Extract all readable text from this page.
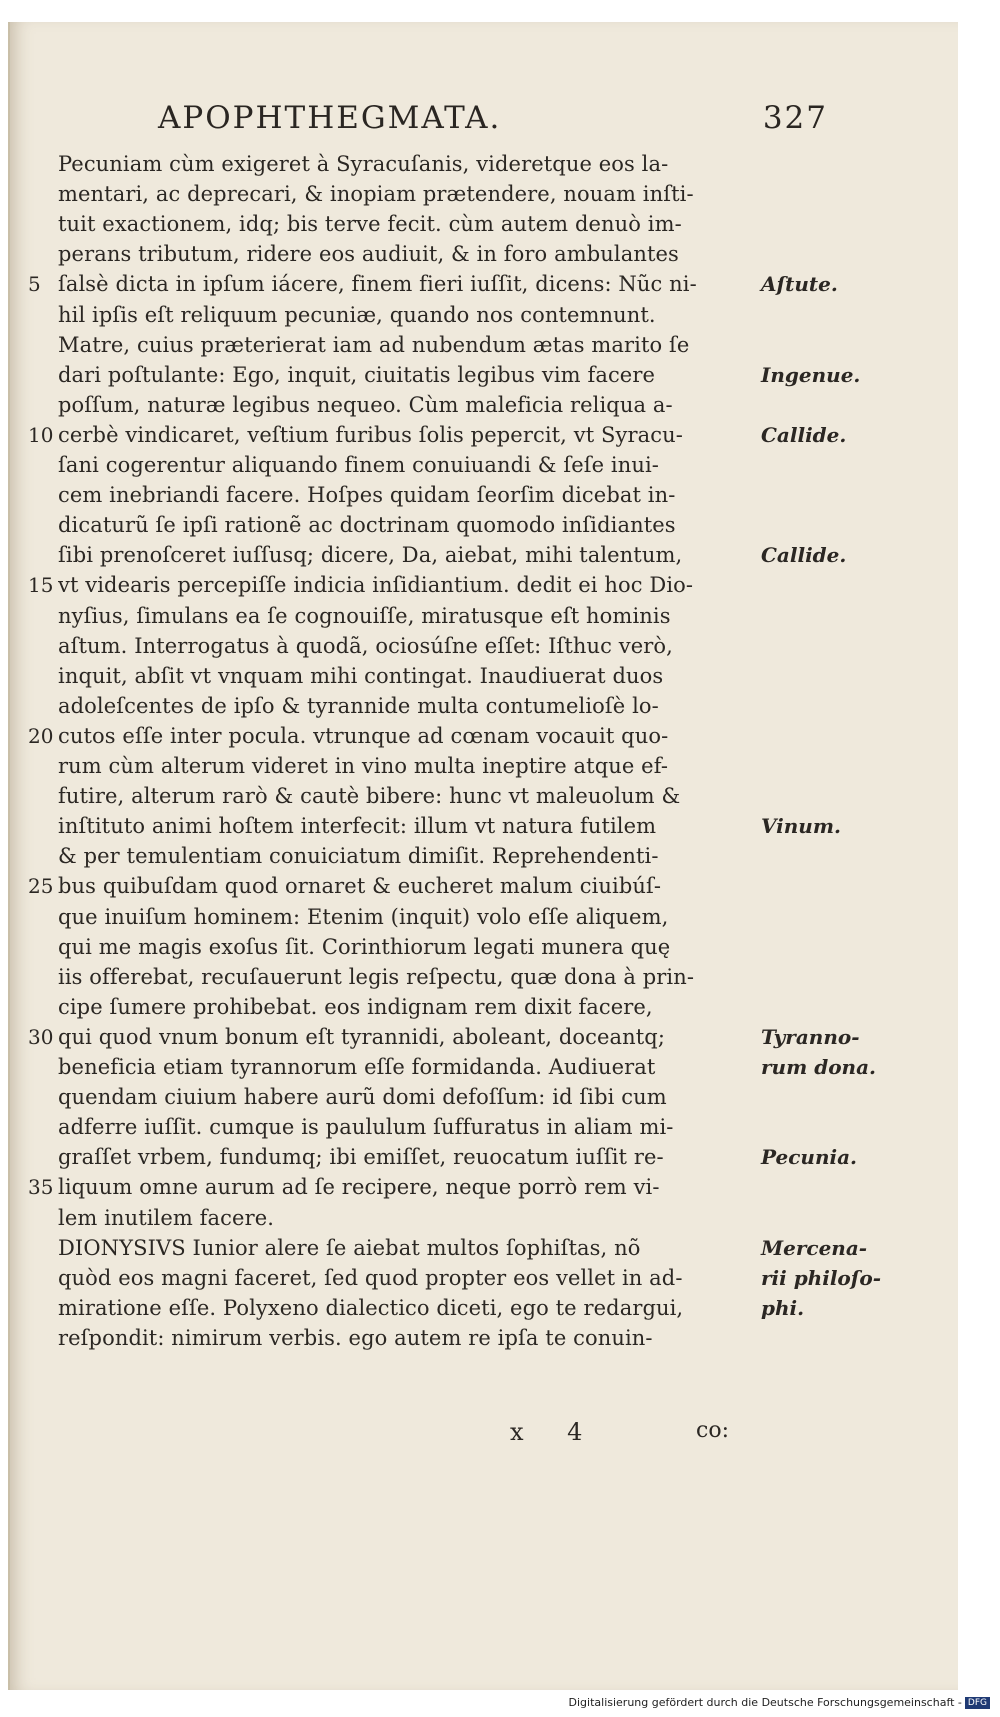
APOPHTHEGMATA.	327
Pecuniam cùm exigeret à Syracuſanis, videretque eos la-
mentari, ac deprecari, & inopiam prætendere, nouam inſti-
tuit exactionem, idq; bis terve fecit. cùm autem denuò im-
perans tributum, ridere eos audiuit, & in foro ambulantes
5 ſalsè dicta in ipſum iácere, finem fieri iuſſit, dicens: Nũc ni-	Aſtute.
hil ipſis eſt reliquum pecuniæ, quando nos contemnunt.
Matre, cuius præterierat iam ad nubendum ætas marito ſe
dari poſtulante: Ego, inquit, ciuitatis legibus vim facere	Ingenue.
poſſum, naturæ legibus nequeo. Cùm maleficia reliqua a-
10 cerbè vindicaret, veſtium furibus ſolis pepercit, vt Syracu-	Callide.
ſani cogerentur aliquando finem conuiuandi & ſeſe inui-
cem inebriandi facere. Hoſpes quidam ſeorſim dicebat in-
dicaturũ ſe ipſi rationẽ ac doctrinam quomodo inſidiantes
ſibi prenoſceret iuſſusq; dicere, Da, aiebat, mihi talentum,	Callide.
15 vt videaris percepiſſe indicia inſidiantium. dedit ei hoc Dio-
nyſius, ſimulans ea ſe cognouiſſe, miratusque eſt hominis
aſtum. Interrogatus à quodã, ociosúſne eſſet: Iſthuc verò,
inquit, abſit vt vnquam mihi contingat. Inaudiuerat duos
adoleſcentes de ipſo & tyrannide multa contumelioſè lo-
20 cutos eſſe inter pocula. vtrunque ad cœnam vocauit quo-
rum cùm alterum videret in vino multa ineptire atque ef-
futire, alterum rarò & cautè bibere: hunc vt maleuolum &
inſtituto animi hoſtem interfecit: illum vt natura futilem	Vinum.
& per temulentiam conuiciatum dimiſit. Reprehendenti-
25 bus quibuſdam quod ornaret & eucheret malum ciuibúſ-
que inuiſum hominem: Etenim (inquit) volo eſſe aliquem,
qui me magis exoſus ſit. Corinthiorum legati munera quę
iis offerebat, recuſauerunt legis reſpectu, quæ dona à prin-
cipe ſumere prohibebat. eos indignam rem dixit facere,
30 qui quod vnum bonum eſt tyrannidi, aboleant, doceantq;	Tyranno-
beneficia etiam tyrannorum eſſe formidanda. Audiuerat	rum dona.
quendam ciuium habere aurũ domi defoſſum: id ſibi cum
adferre iuſſit. cumque is paululum ſuffuratus in aliam mi-
graſſet vrbem, fundumq; ibi emiſſet, reuocatum iuſſit re-	Pecunia.
35 liquum omne aurum ad ſe recipere, neque porrò rem vi-
lem inutilem facere.
DIONYSIVS Iunior alere ſe aiebat multos ſophiſtas, nõ	Mercena-
quòd eos magni faceret, ſed quod propter eos vellet in ad-	rii philoſo-
miratione eſſe. Polyxeno dialectico diceti, ego te redargui,	phi.
reſpondit: nimirum verbis. ego autem re ipſa te conuin-
x 4	co:
Digitalisierung gefördert durch die Deutsche Forschungsgemeinschaft - DFG
